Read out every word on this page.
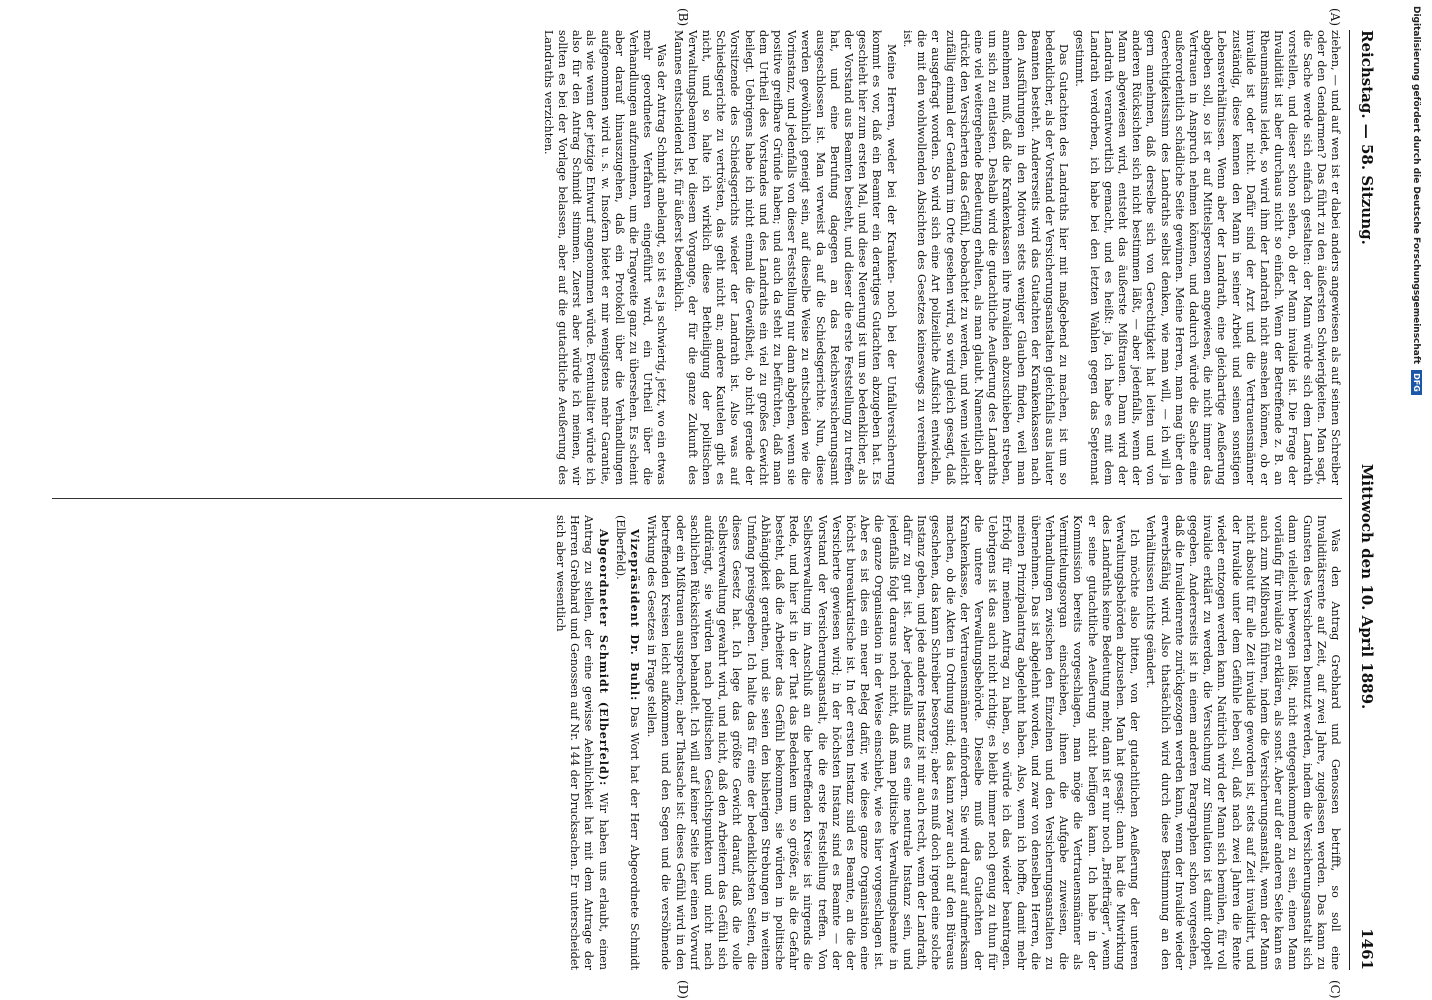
Reichstag. — 58. Sitzung.
Mittwoch den 10. April 1889.
1461
(A)
(B)
(C)
(D)

ziehen, — und auf wen ist er dabei anders angewiesen als auf seinen Schreiber oder den Gendarmen? Das führt zu den äußersten Schwierigkeiten. Man sagt, die Sache werde sich einfach gestalten: der Mann würde sich dem Landrath vorstellen, und dieser schon sehen, ob der Mann invalide ist. Die Frage der Invalidität ist aber durchaus nicht so einfach. Wenn der Betreffende z. B. an Rheumatismus leidet, so wird ihm der Landrath nicht ansehen können, ob er invalide ist oder nicht. Dafür sind der Arzt und die Vertrauensmänner zuständig, diese kennen den Mann in seiner Arbeit und seinen sonstigen Lebensverhältnissen. Wenn aber der Landrath, eine gleichartige Aeußerung abgeben soll, so ist er auf Mittelspersonen angewiesen, die nicht immer das Vertrauen in Anspruch nehmen können, und dadurch würde die Sache eine außerordentlich schädliche Seite gewinnen. Meine Herren, man mag über den Gerechtigkeitssinn des Landraths selbst denken, wie man will, — ich will ja gern annehmen, daß derselbe sich von Gerechtigkeit hat leiten und von anderen Rücksichten sich nicht bestimmen läßt, — aber jedenfalls, wenn der Mann abgewiesen wird, entsteht das äußerste Mißtrauen. Dann wird der Landrath verantwortlich gemacht, und es heißt: ja, ich habe es mit dem Landrath verdorben, ich habe bei den letzten Wahlen gegen das Septennat gestimmt.

Das Gutachten des Landraths hier mit maßgebend zu machen, ist um so bedenklicher, als der Vorstand der Versicherungsanstalten gleichfalls aus lauter Beamten besteht. Andererseits wird das Gutachten der Krankenkassen nach den Ausführungen in den Motiven stets weniger Glauben finden, weil man annehmen muß, daß die Krankenkassen ihre Invaliden abzuschieben streben, um sich zu entlasten. Deshalb wird die gutachtliche Aeußerung des Landraths eine viel weitergehende Bedeutung erhalten, als man glaubt. Namentlich aber drückt den Versicherten das Gefühl, beobachtet zu werden, und wenn vielleicht zufällig einmal der Gendarm im Orte gesehen wird, so wird gleich gesagt, daß er ausgefragt worden. So wird sich eine Art polizeiliche Aufsicht entwickeln, die mit den wohlwollenden Absichten des Gesetzes keineswegs zu vereinbaren ist.

Meine Herren, weder bei der Kranken- noch bei der Unfallversicherung kommt es vor, daß ein Beamter ein derartiges Gutachten abzugeben hat. Es geschieht hier zum ersten Mal, und diese Neuerung ist um so bedenklicher, als der Vorstand aus Beamten besteht, und dieser die erste Feststellung zu treffen hat, und eine Berufung dagegen an das Reichsversicherungsamt ausgeschlossen ist. Man verweist da auf die Schiedsgerichte. Nun, diese werden gewöhnlich geneigt sein, auf dieselbe Weise zu entscheiden wie die Vorinstanz, und jedenfalls von dieser Feststellung nur dann abgehen, wenn sie positive greifbare Gründe haben; und auch da steht zu befürchten, daß man dem Urtheil des Vorstandes und des Landraths ein viel zu großes Gewicht beilegt. Uebrigens habe ich nicht einmal die Gewißheit, ob nicht gerade der Vorsitzende des Schiedsgerichts wieder der Landrath ist. Also was auf Schiedsgerichte zu vertrösten, das geht nicht an; andere Kautelen gibt es nicht, und so halte ich wirklich diese Betheiligung der politischen Verwaltungsbeamten bei diesem Vorgange, der für die ganze Zukunft des Mannes entscheidend ist, für äußerst bedenklich.

Was der Antrag Schmidt anbelangt, so ist es ja schwierig, jetzt, wo ein etwas mehr geordnetes Verfahren eingeführt wird, ein Urtheil über die Verhandlungen aufzunehmen, um die Tragweite ganz zu übersehen. Es scheint aber darauf hinauszugehen, daß ein Protokoll über die Verhandlungen aufgenommen wird u. s. w. Insofern bietet er mir wenigstens mehr Garantie, als wie wenn der jetzige Entwurf angenommen würde. Eventualiter würde ich also für den Antrag Schmidt stimmen. Zuerst aber würde ich meinen, wir sollten es bei der Vorlage belassen, aber auf die gutachtliche Aeußerung des Landraths verzichten.

Was den Antrag Grebhard und Genossen betrifft, so soll eine Invaliditätsrente auf Zeit, auf zwei Jahre, zugelassen werden. Das kann zu Gunsten des Versicherten benutzt werden, indem die Versicherungsanstalt sich dann vielleicht bewegen läßt, nicht entgegenkommend zu sein, einen Mann vorläufig für invalide zu erklären, als sonst. Aber auf der anderen Seite kann es auch zum Mißbrauch führen, indem die Versicherungsanstalt, wenn der Mann nicht absolut für alle Zeit invalide geworden ist, stets auf Zeit invalidirt, und der Invalide unter dem Gefühle leben soll, daß nach zwei Jahren die Rente wieder entzogen werden kann. Natürlich wird der Mann sich bemühen, für voll invalide erklärt zu werden, die Versuchung zur Simulation ist damit doppelt gegeben. Andererseits ist in einem anderen Paragraphen schon vorgesehen, daß die Invalidenrente zurückgezogen werden kann, wenn der Invalide wieder erwerbsfähig wird. Also thatsächlich wird durch diese Bestimmung an den Verhältnissen nichts geändert.

Ich möchte also bitten, von der gutachtlichen Aeußerung der unteren Verwaltungsbehörden abzusehen. Man hat gesagt: dann hat die Mitwirkung des Landraths keine Bedeutung mehr, dann ist er nur noch „Briefträger“, wenn er seine gutachtliche Aeußerung nicht beifügen kann. Ich habe in der Kommission bereits vorgeschlagen, man möge die Vertrauensmänner als Vermittelungsorgan einschieben, ihnen die Aufgabe zuweisen, die Verhandlungen zwischen den Einzelnen und den Versicherungsanstalten zu übernehmen. Das ist abgelehnt worden, und zwar von denselben Herren, die meinen Prinzipalantrag abgelehnt haben. Also, wenn ich hoffte, damit mehr Erfolg für meinen Antrag zu haben, so würde ich das wieder beantragen. Uebrigens ist das auch nicht richtig; es bleibt immer noch genug zu thun für die untere Verwaltungsbehörde. Dieselbe muß das Gutachten der Krankenkasse, der Vertrauensmänner einfordern. Sie wird darauf aufmerksam machen, ob die Akten in Ordnung sind; das kann zwar auch auf den Büreaus geschehen, das kann Schreiber besorgen; aber es muß doch irgend eine solche Instanz geben, und jede andere Instanz ist mir auch recht, wenn der Landrath, dafür zu gut ist. Aber jedenfalls muß es eine neutrale Instanz sein, und jedenfalls folgt daraus noch nicht, daß man politische Verwaltungsbeamte in die ganze Organisation in der Weise einschiebt, wie es hier vorgeschlagen ist. Aber es ist dies ein neuer Beleg dafür, wie diese ganze Organisation eine höchst bureaukratische ist. In der ersten Instanz sind es Beamte, an die der Versicherte gewiesen wird; in der höchsten Instanz sind es Beamte — der Vorstand der Versicherungsanstalt, die die erste Feststellung treffen. Von Selbstverwaltung im Anschluß an die betreffenden Kreise ist nirgends die Rede, und hier ist in der That das Bedenken um so größer, als die Gefahr besteht, daß die Arbeiter das Gefühl bekommen, sie würden in politische Abhängigkeit gerathen, und sie seien den bisherigen Strebungen in weitem Umfang preisgegeben. Ich halte das für eine der bedenklichsten Seiten, die dieses Gesetz hat. Ich lege das größte Gewicht darauf, daß die volle Selbstverwaltung gewahrt wird, und nicht, daß den Arbeitern das Gefühl sich aufdrängt, sie würden nach politischen Gesichtspunkten und nicht nach sachlichen Rücksichten behandelt. Ich will auf keiner Seite hier einen Vorwurf oder ein Mißtrauen aussprechen; aber Thatsache ist: dieses Gefühl wird in den betreffenden Kreisen leicht aufkommen und den Segen und die versöhnende Wirkung des Gesetzes in Frage stellen.

Vizepräsident Dr. Buhl: Das Wort hat der Herr Abgeordnete Schmidt (Elberfeld).

Abgeordneter Schmidt (Elberfeld): Wir haben uns erlaubt, einen Antrag zu stellen, der eine gewisse Aehnlichkeit hat mit dem Antrage der Herren Grebhard und Genossen auf Nr. 144 der Drucksachen. Er unterscheidet sich aber wesentlich

Digitalisierung gefördert durch die Deutsche Forschungsgemeinschaft
DFG
